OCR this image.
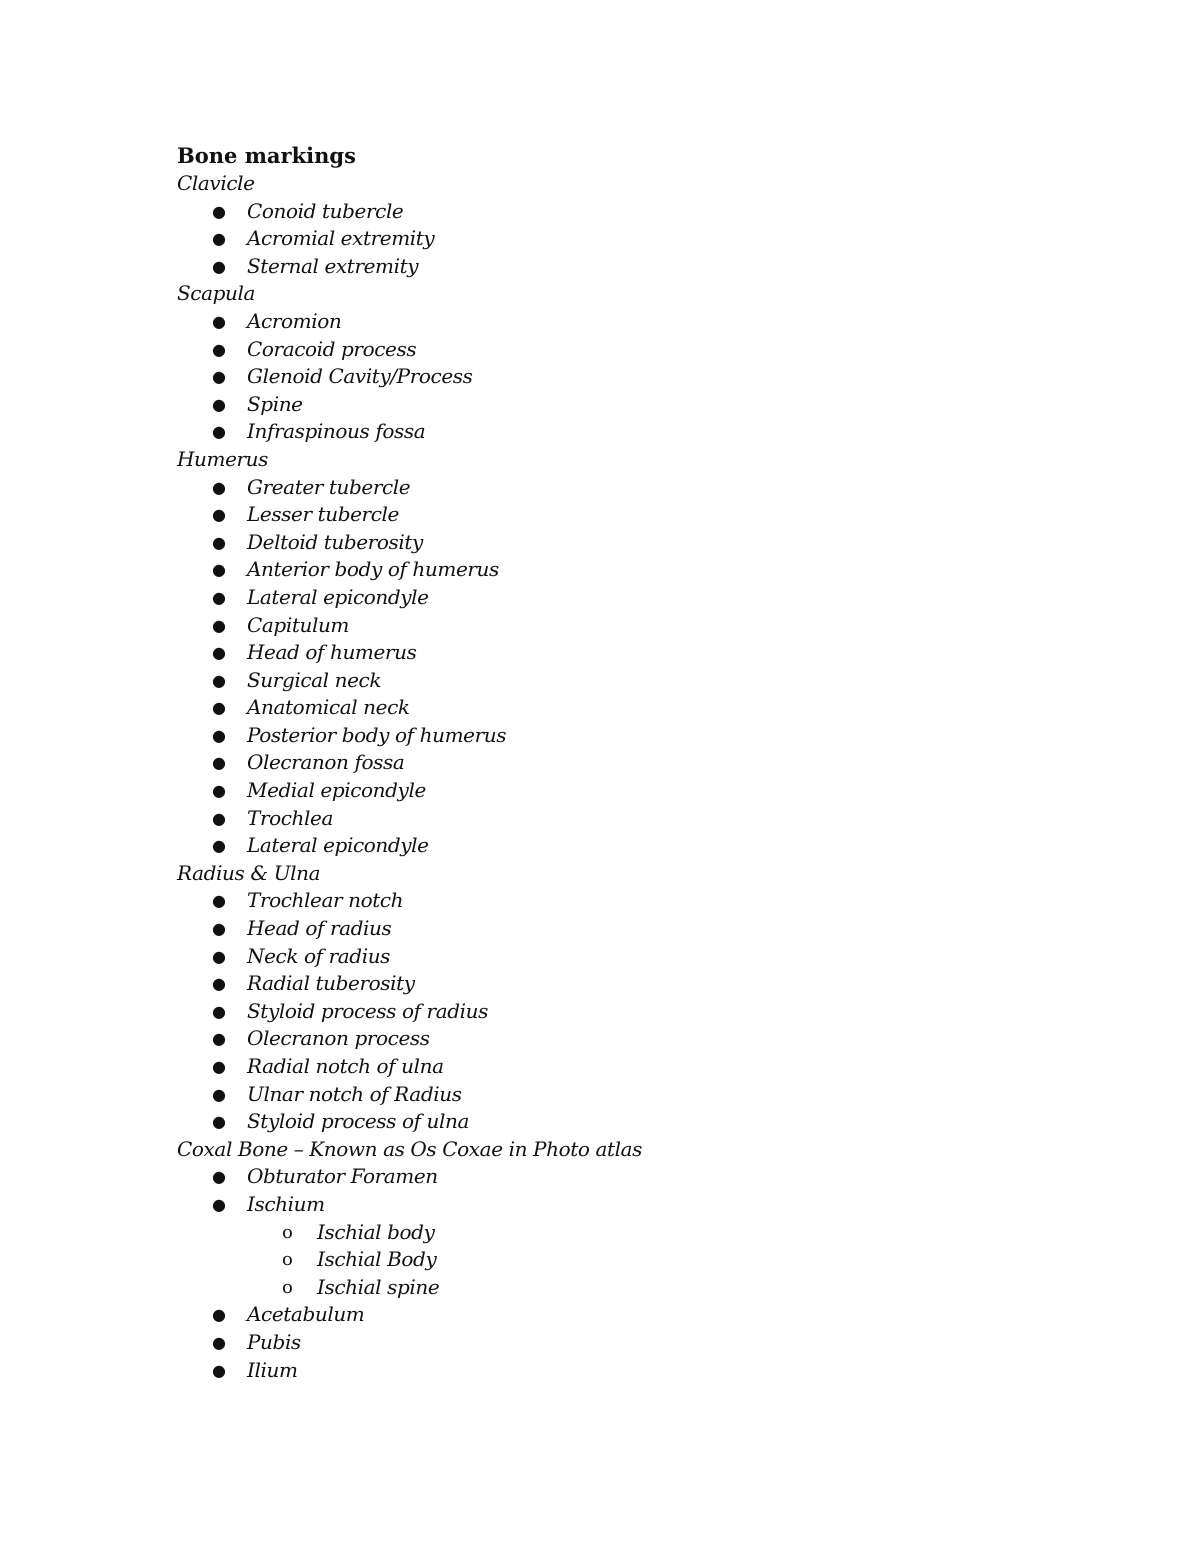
Bone markings
Clavicle
● Conoid tubercle
● Acromial extremity
● Sternal extremity
Scapula
● Acromion
● Coracoid process
● Glenoid Cavity/Process
● Spine
● Infraspinous fossa
Humerus
● Greater tubercle
● Lesser tubercle
● Deltoid tuberosity
● Anterior body of humerus
● Lateral epicondyle
● Capitulum
● Head of humerus
● Surgical neck
● Anatomical neck
● Posterior body of humerus
● Olecranon fossa
● Medial epicondyle
● Trochlea
● Lateral epicondyle
Radius & Ulna
● Trochlear notch
● Head of radius
● Neck of radius
● Radial tuberosity
● Styloid process of radius
● Olecranon process
● Radial notch of ulna
● Ulnar notch of Radius
● Styloid process of ulna
Coxal Bone – Known as Os Coxae in Photo atlas
● Obturator Foramen
● Ischium
o Ischial body
o Ischial Body
o Ischial spine
● Acetabulum
● Pubis
● Ilium
